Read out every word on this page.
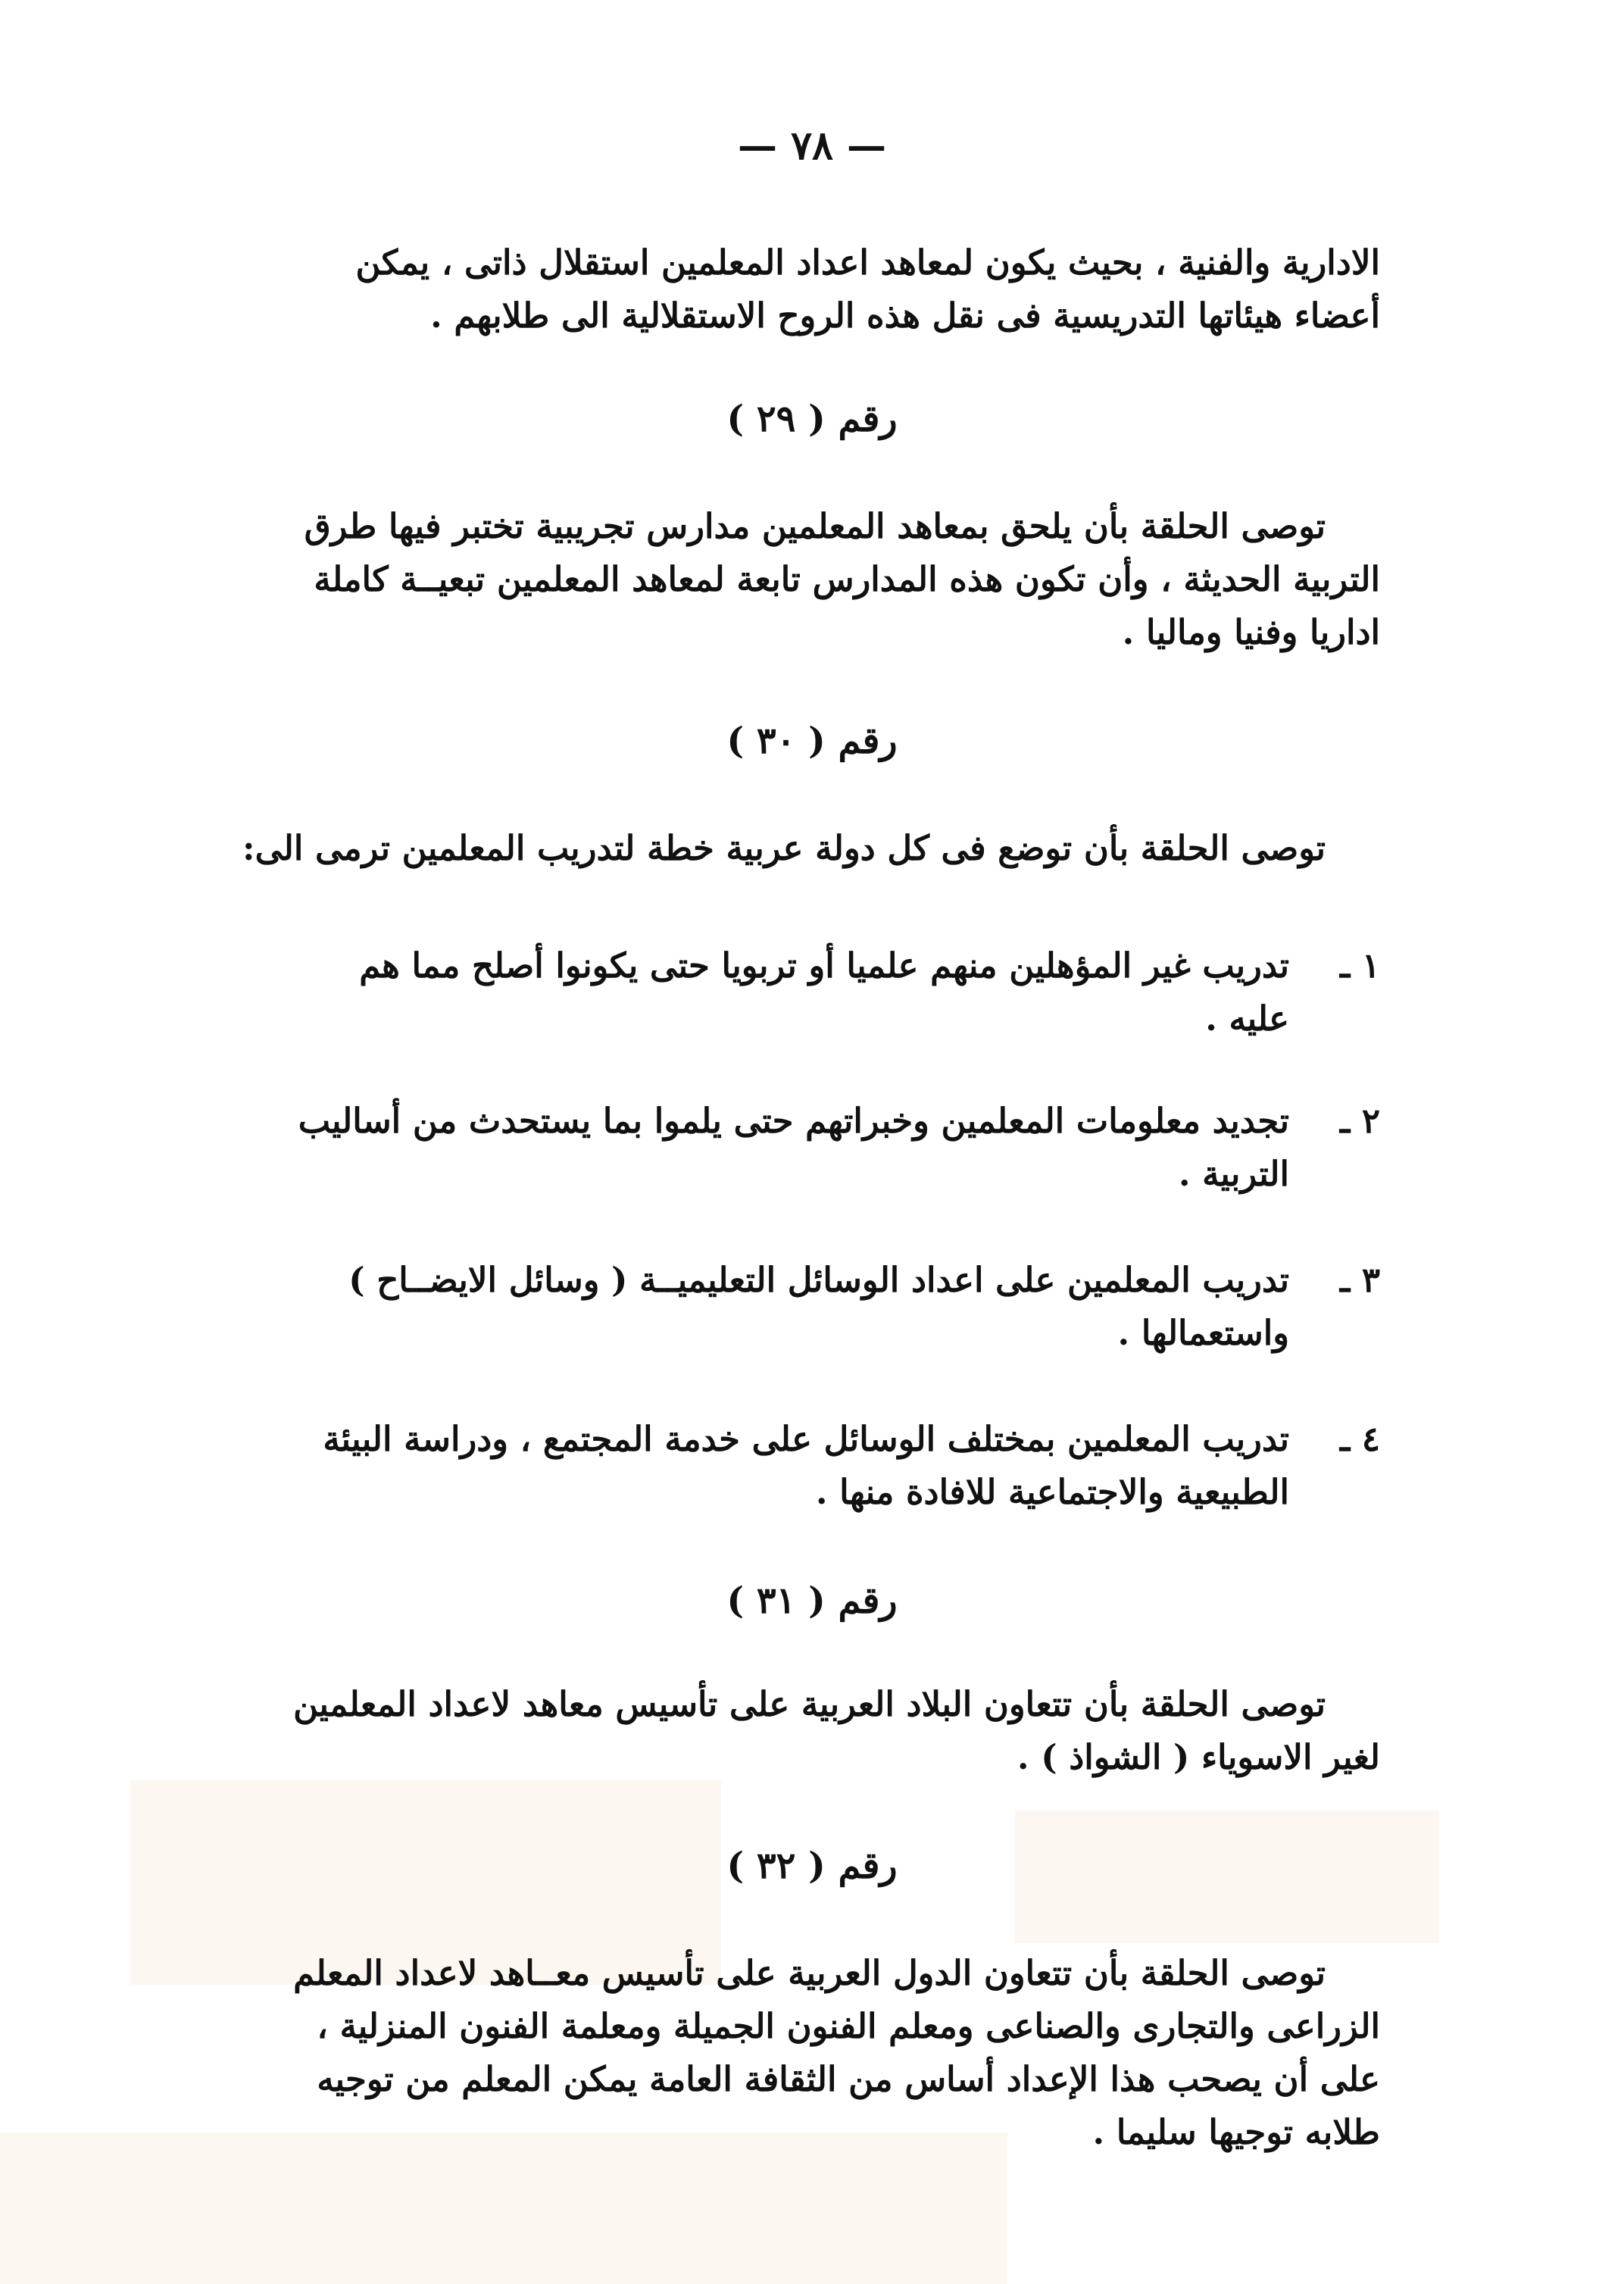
— ٧٨ —

الادارية والفنية ، بحيث يكون لمعاهد اعداد المعلمين استقلال ذاتى ، يمكن
أعضاء هيئاتها التدريسية فى نقل هذه الروح الاستقلالية الى طلابهم .

رقم ( ٢٩ )

توصى الحلقة بأن يلحق بمعاهد المعلمين مدارس تجريبية تختبر فيها طرق
التربية الحديثة ، وأن تكون هذه المدارس تابعة لمعاهد المعلمين تبعيــة كاملة
اداريا وفنيا وماليا .

رقم ( ٣٠ )

توصى الحلقة بأن توضع فى كل دولة عربية خطة لتدريب المعلمين ترمى الى:

١ ـ
تدريب غير المؤهلين منهم علميا أو تربويا حتى يكونوا أصلح مما هم
عليه .
٢ ـ
تجديد معلومات المعلمين وخبراتهم حتى يلموا بما يستحدث من أساليب
التربية .
٣ ـ
تدريب المعلمين على اعداد الوسائل التعليميــة ( وسائل الايضــاح )
واستعمالها .
٤ ـ
تدريب المعلمين بمختلف الوسائل على خدمة المجتمع ، ودراسة البيئة
الطبيعية والاجتماعية للافادة منها .
رقم ( ٣١ )

توصى الحلقة بأن تتعاون البلاد العربية على تأسيس معاهد لاعداد المعلمين
لغير الاسوياء ( الشواذ ) .

رقم ( ٣٢ )

توصى الحلقة بأن تتعاون الدول العربية على تأسيس معــاهد لاعداد المعلم
الزراعى والتجارى والصناعى ومعلم الفنون الجميلة ومعلمة الفنون المنزلية ،
على أن يصحب هذا الإعداد أساس من الثقافة العامة يمكن المعلم من توجيه
طلابه توجيها سليما .
